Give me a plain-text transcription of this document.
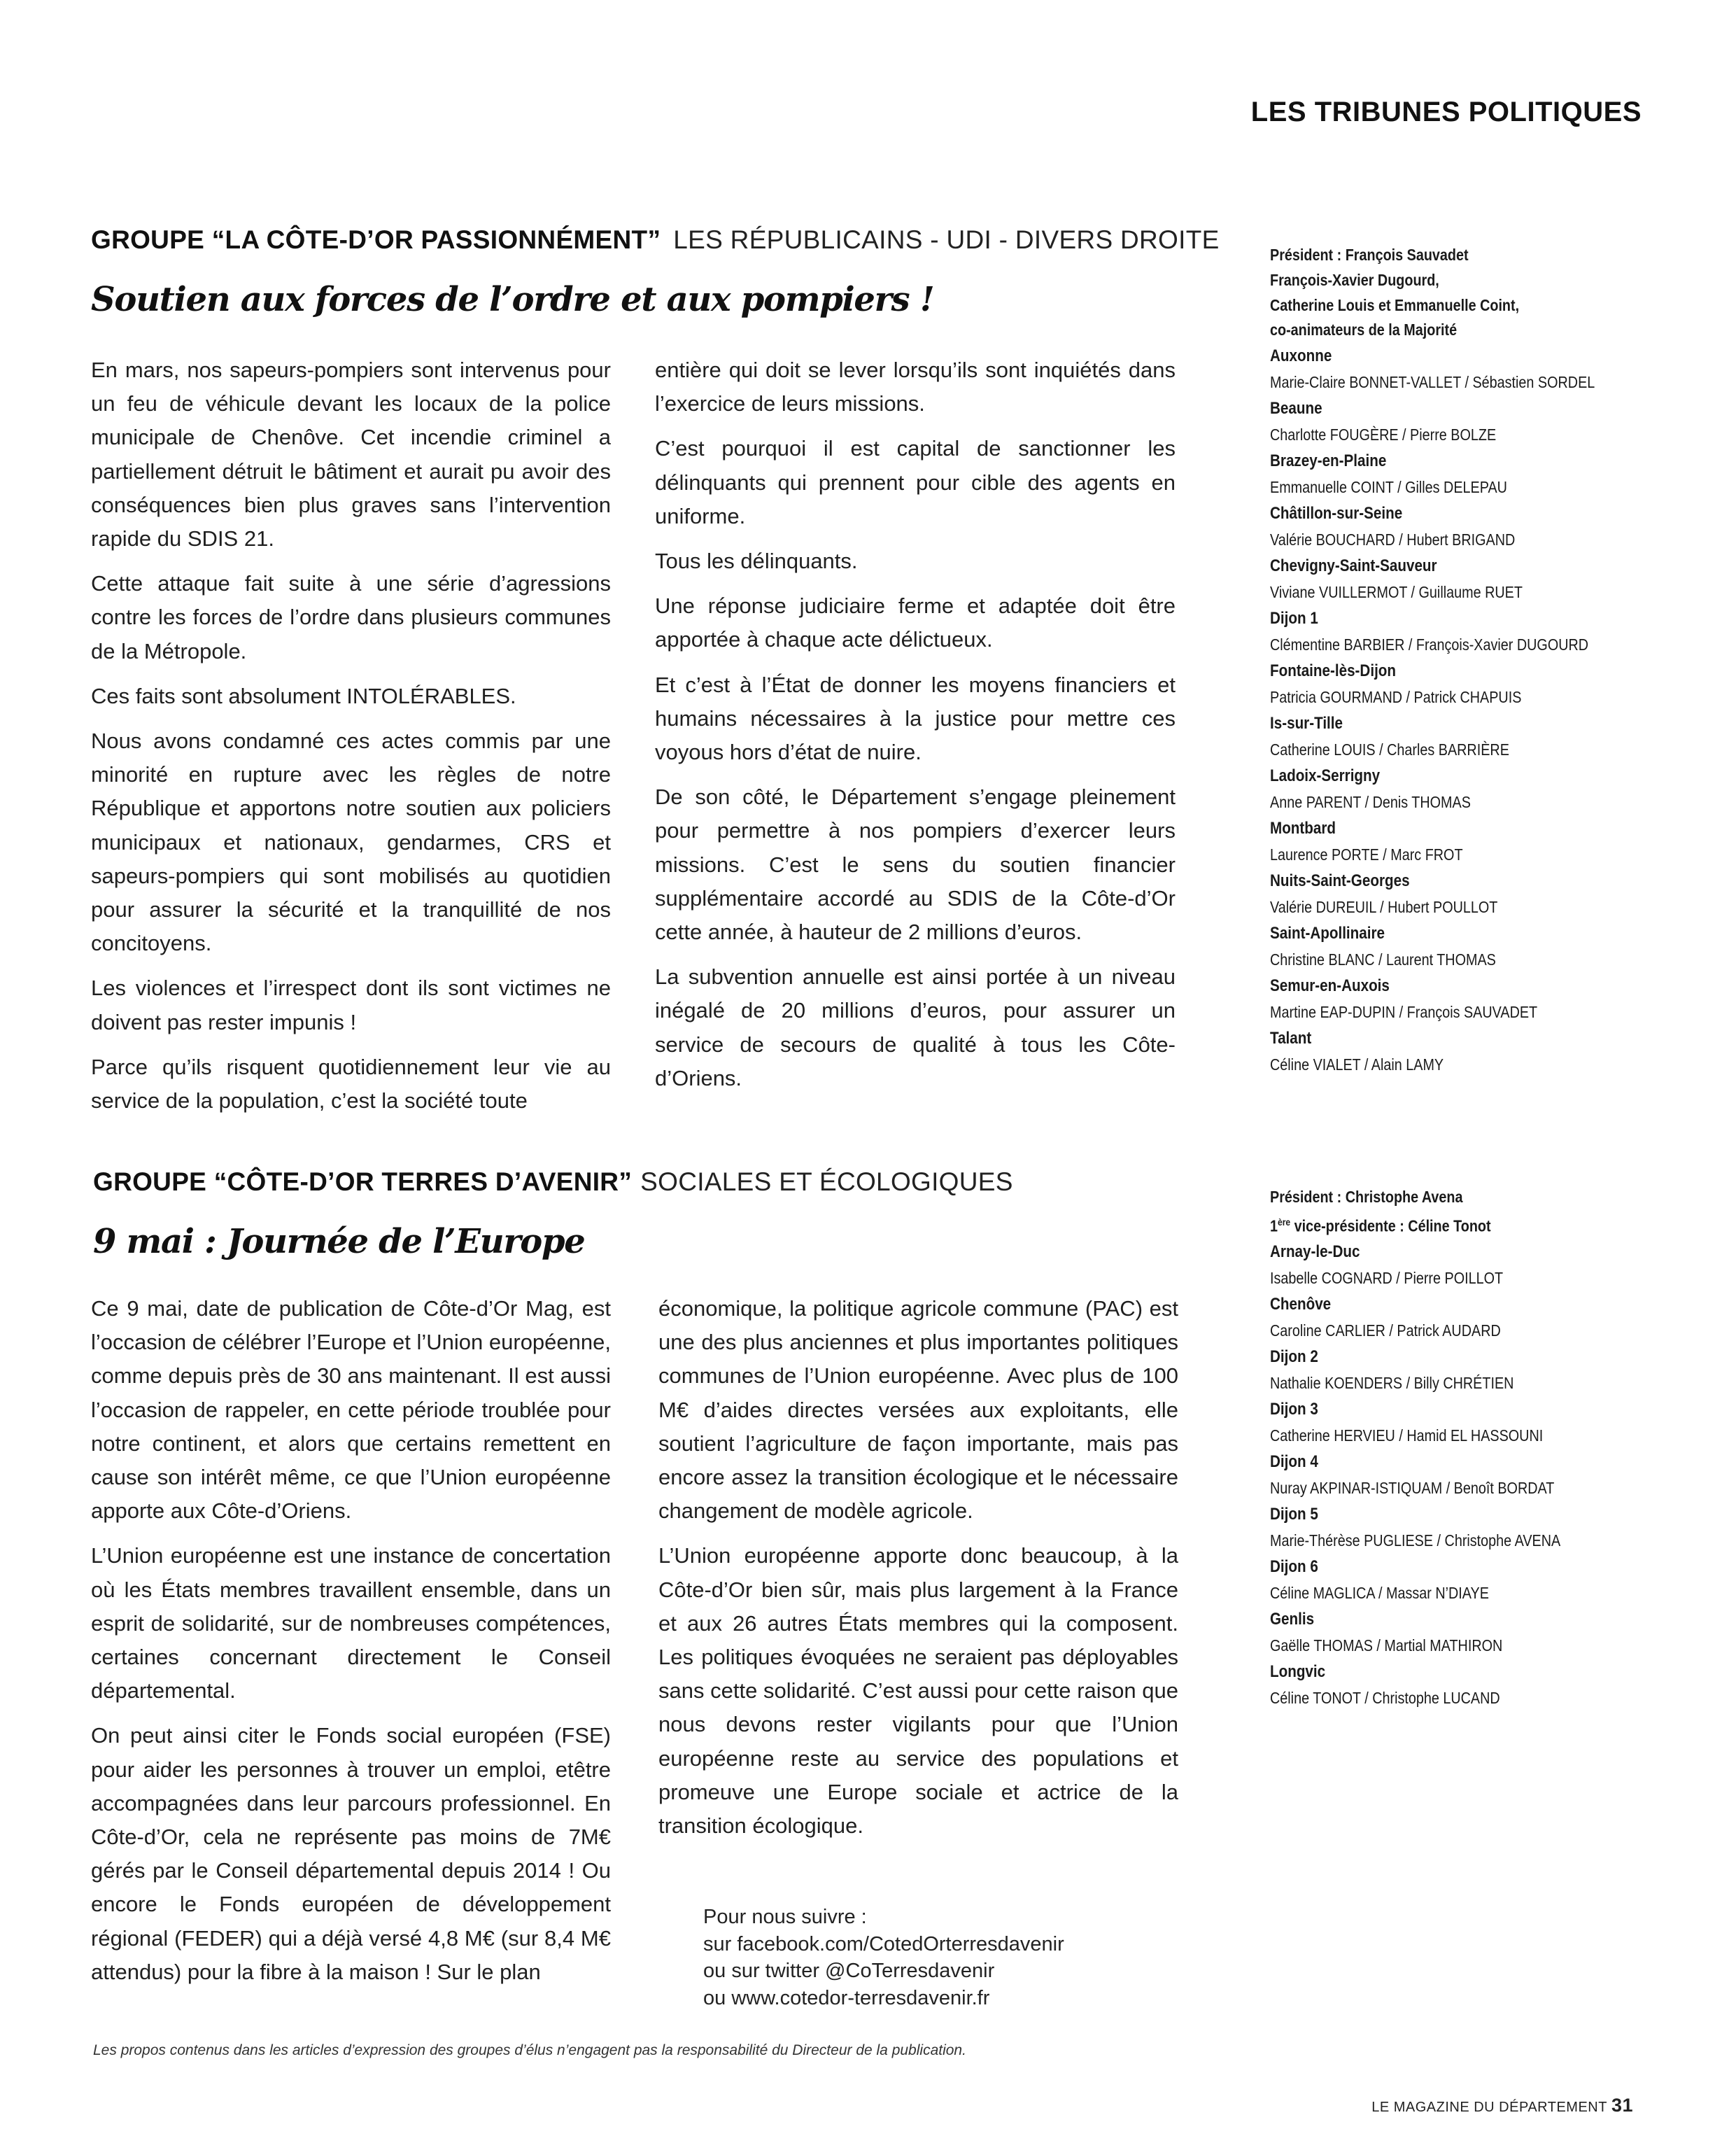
LES TRIBUNES POLITIQUES
GROUPE “LA CÔTE-D’OR PASSIONNÉMENT” LES RÉPUBLICAINS - UDI - DIVERS DROITE
Soutien aux forces de l’ordre et aux pompiers !

En mars, nos sapeurs-pompiers sont intervenus pour un feu de véhicule devant les locaux de la police municipale de Chenôve. Cet incendie criminel a partiellement détruit le bâtiment et aurait pu avoir des conséquences bien plus graves sans l’intervention rapide du SDIS 21.

Cette attaque fait suite à une série d’agressions contre les forces de l’ordre dans plusieurs communes de la Métropole.

Ces faits sont absolument INTOLÉRABLES.

Nous avons condamné ces actes commis par une minorité en rupture avec les règles de notre République et apportons notre soutien aux policiers municipaux et nationaux, gendarmes, CRS et sapeurs-pompiers qui sont mobilisés au quotidien pour assurer la sécurité et la tranquillité de nos concitoyens.

Les violences et l’irrespect dont ils sont victimes ne doivent pas rester impunis !

Parce qu’ils risquent quotidiennement leur vie au service de la population, c’est la société toute

entière qui doit se lever lorsqu’ils sont inquiétés dans l’exercice de leurs missions.

C’est pourquoi il est capital de sanctionner les délinquants qui prennent pour cible des agents en uniforme.

Tous les délinquants.

Une réponse judiciaire ferme et adaptée doit être apportée à chaque acte délictueux.

Et c’est à l’État de donner les moyens financiers et humains nécessaires à la justice pour mettre ces voyous hors d’état de nuire.

De son côté, le Département s’engage pleinement pour permettre à nos pompiers d’exercer leurs missions. C’est le sens du soutien financier supplémentaire accordé au SDIS de la Côte-d’Or cette année, à hauteur de 2 millions d’euros.

La subvention annuelle est ainsi portée à un niveau inégalé de 20 millions d’euros, pour assurer un service de secours de qualité à tous les Côte-d’Oriens.

Président : François Sauvadet
François-Xavier Dugourd,
Catherine Louis et Emmanuelle Coint,
co-animateurs de la Majorité
Auxonne
Marie-Claire BONNET-VALLET / Sébastien SORDEL
Beaune
Charlotte FOUGÈRE / Pierre BOLZE
Brazey-en-Plaine
Emmanuelle COINT / Gilles DELEPAU
Châtillon-sur-Seine
Valérie BOUCHARD / Hubert BRIGAND
Chevigny-Saint-Sauveur
Viviane VUILLERMOT / Guillaume RUET
Dijon 1
Clémentine BARBIER / François-Xavier DUGOURD
Fontaine-lès-Dijon
Patricia GOURMAND / Patrick CHAPUIS
Is-sur-Tille
Catherine LOUIS / Charles BARRIÈRE
Ladoix-Serrigny
Anne PARENT / Denis THOMAS
Montbard
Laurence PORTE / Marc FROT
Nuits-Saint-Georges
Valérie DUREUIL / Hubert POULLOT
Saint-Apollinaire
Christine BLANC / Laurent THOMAS
Semur-en-Auxois
Martine EAP-DUPIN / François SAUVADET
Talant
Céline VIALET / Alain LAMY
GROUPE “CÔTE-D’OR TERRES D’AVENIR” SOCIALES ET ÉCOLOGIQUES
9 mai : Journée de l’Europe

Ce 9 mai, date de publication de Côte-d’Or Mag, est l’occasion de célébrer l’Europe et l’Union européenne, comme depuis près de 30 ans maintenant. Il est aussi l’occasion de rappeler, en cette période troublée pour notre continent, et alors que certains remettent en cause son intérêt même, ce que l’Union européenne apporte aux Côte-d’Oriens.

L’Union européenne est une instance de concertation où les États membres travaillent ensemble, dans un esprit de solidarité, sur de nombreuses compétences, certaines concernant directement le Conseil départemental.

On peut ainsi citer le Fonds social européen (FSE) pour aider les personnes à trouver un emploi, etêtre accompagnées dans leur parcours professionnel. En Côte-d’Or, cela ne représente pas moins de 7M€ gérés par le Conseil départemental depuis 2014 ! Ou encore le Fonds européen de développement régional (FEDER) qui a déjà versé 4,8 M€ (sur 8,4 M€ attendus) pour la fibre à la maison ! Sur le plan

économique, la politique agricole commune (PAC) est une des plus anciennes et plus importantes politiques communes de l’Union européenne. Avec plus de 100 M€ d’aides directes versées aux exploitants, elle soutient l’agriculture de façon importante, mais pas encore assez la transition écologique et le nécessaire changement de modèle agricole.

L’Union européenne apporte donc beaucoup, à la Côte-d’Or bien sûr, mais plus largement à la France et aux 26 autres États membres qui la composent. Les politiques évoquées ne seraient pas déployables sans cette solidarité. C’est aussi pour cette raison que nous devons rester vigilants pour que l’Union européenne reste au service des populations et promeuve une Europe sociale et actrice de la transition écologique.

Pour nous suivre :
sur facebook.com/CotedOrterresdavenir
ou sur twitter @CoTerresdavenir
ou www.cotedor-terresdavenir.fr
Président : Christophe Avena
1ère vice-présidente : Céline Tonot
Arnay-le-Duc
Isabelle COGNARD / Pierre POILLOT
Chenôve
Caroline CARLIER / Patrick AUDARD
Dijon 2
Nathalie KOENDERS / Billy CHRÉTIEN
Dijon 3
Catherine HERVIEU / Hamid EL HASSOUNI
Dijon 4
Nuray AKPINAR-ISTIQUAM / Benoît BORDAT
Dijon 5
Marie-Thérèse PUGLIESE / Christophe AVENA
Dijon 6
Céline MAGLICA / Massar N’DIAYE
Genlis
Gaëlle THOMAS / Martial MATHIRON
Longvic
Céline TONOT / Christophe LUCAND
Les propos contenus dans les articles d’expression des groupes d’élus n’engagent pas la responsabilité du Directeur de la publication.
LE MAGAZINE DU DÉPARTEMENT 31
